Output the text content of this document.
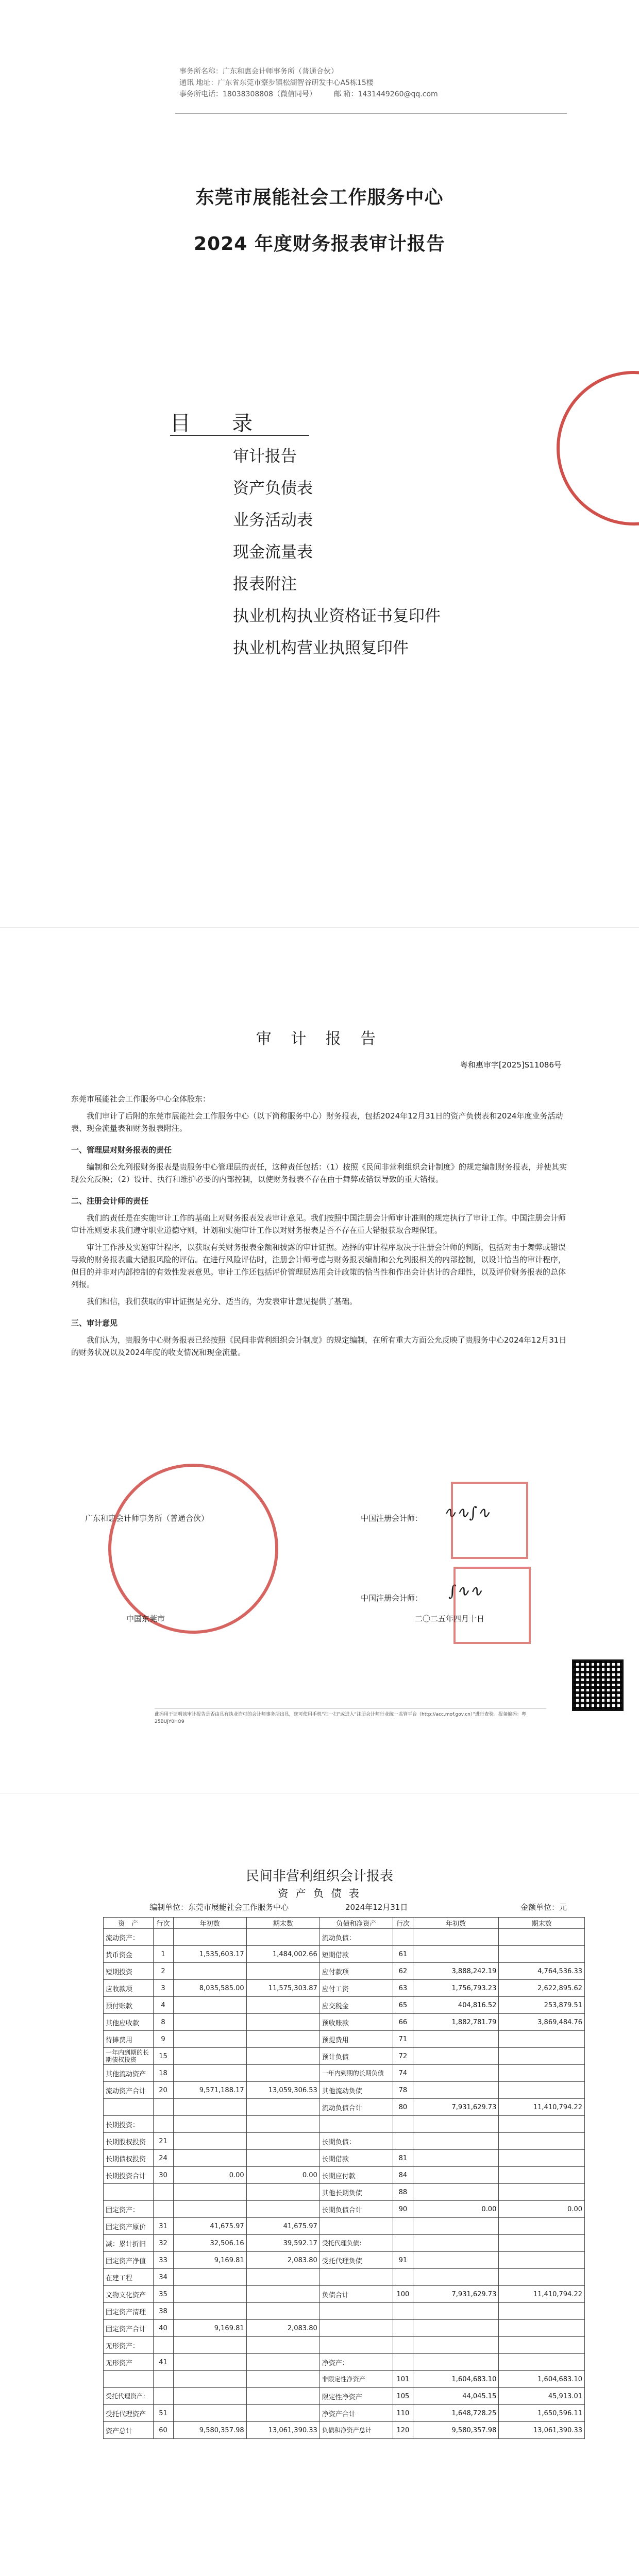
事务所名称：广东和惠会计师事务所（普通合伙）
通讯 地址：广东省东莞市寮步镇松湖智谷研发中心A5栋15楼
事务所电话：18038308808（微信同号） 邮 箱：1431449260@qq.com
东莞市展能社会工作服务中心
2024 年度财务报表审计报告
目 录
审计报告
资产负债表
业务活动表
现金流量表
报表附注
执业机构执业资格证书复印件
执业机构营业执照复印件
审 计 报 告
粤和惠审字[2025]S11086号

东莞市展能社会工作服务中心全体股东：

我们审计了后附的东莞市展能社会工作服务中心（以下简称服务中心）财务报表，包括2024年12月31日的资产负债表和2024年度业务活动表、现金流量表和财务报表附注。

一、管理层对财务报表的责任

编制和公允列报财务报表是贵服务中心管理层的责任，这种责任包括：（1）按照《民间非营利组织会计制度》的规定编制财务报表，并使其实现公允反映；（2）设计、执行和维护必要的内部控制，以使财务报表不存在由于舞弊或错误导致的重大错报。

二、注册会计师的责任

我们的责任是在实施审计工作的基础上对财务报表发表审计意见。我们按照中国注册会计师审计准则的规定执行了审计工作。中国注册会计师审计准则要求我们遵守职业道德守则，计划和实施审计工作以对财务报表是否不存在重大错报获取合理保证。

审计工作涉及实施审计程序，以获取有关财务报表金额和披露的审计证据。选择的审计程序取决于注册会计师的判断，包括对由于舞弊或错误导致的财务报表重大错报风险的评估。在进行风险评估时，注册会计师考虑与财务报表编制和公允列报相关的内部控制，以设计恰当的审计程序，但目的并非对内部控制的有效性发表意见。审计工作还包括评价管理层选用会计政策的恰当性和作出会计估计的合理性，以及评价财务报表的总体列报。

我们相信，我们获取的审计证据是充分、适当的，为发表审计意见提供了基础。

三、审计意见

我们认为，贵服务中心财务报表已经按照《民间非营利组织会计制度》的规定编制，在所有重大方面公允反映了贵服务中心2024年12月31日的财务状况以及2024年度的收支情况和现金流量。

广东和惠会计师事务所（普通合伙）	中国注册会计师： ∿∿∫∿
中国注册会计师： ∫∿∿
中国东莞市	二〇二五年四月十日
此码用于证明该审计报告是否由具有执业许可的会计师事务所出具，您可使用手机“扫一扫”或进入“注册会计师行业统一监管平台（http://acc.mof.gov.cn）”进行查验。报备编码：粤25BUJY0HO9
民间非营利组织会计报表
资 产 负 债 表
编制单位：东莞市展能社会工作服务中心	2024年12月31日	金额单位：元
资　产	行次	年初数	期末数	负债和净资产	行次	年初数	期末数
流动资产：				流动负债：			
货币资金	1	1,535,603.17	1,484,002.66	短期借款	61		
短期投资	2			应付款项	62	3,888,242.19	4,764,536.33
应收款项	3	8,035,585.00	11,575,303.87	应付工资	63	1,756,793.23	2,622,895.62
预付账款	4			应交税金	65	404,816.52	253,879.51
其他应收款	8			预收账款	66	1,882,781.79	3,869,484.76
待摊费用	9			预提费用	71		
一年内到期的长期债权投资	15			预计负债	72		
其他流动资产	18			一年内到期的长期负债	74		
流动资产合计	20	9,571,188.17	13,059,306.53	其他流动负债	78		
				流动负债合计	80	7,931,629.73	11,410,794.22
长期投资：							
长期股权投资	21			长期负债：			
长期债权投资	24			长期借款	81		
长期投资合计	30	0.00	0.00	长期应付款	84		
				其他长期负债	88		
固定资产：				长期负债合计	90	0.00	0.00
固定资产原价	31	41,675.97	41,675.97				
减：累计折旧	32	32,506.16	39,592.17	受托代理负债：			
固定资产净值	33	9,169.81	2,083.80	受托代理负债	91		
在建工程	34						
文物文化资产	35			负债合计	100	7,931,629.73	11,410,794.22
固定资产清理	38						
固定资产合计	40	9,169.81	2,083.80				
无形资产：							
无形资产	41			净资产：			
				非限定性净资产	101	1,604,683.10	1,604,683.10
受托代理资产：				限定性净资产	105	44,045.15	45,913.01
受托代理资产	51			净资产合计	110	1,648,728.25	1,650,596.11
资产总计	60	9,580,357.98	13,061,390.33	负债和净资产总计	120	9,580,357.98	13,061,390.33
